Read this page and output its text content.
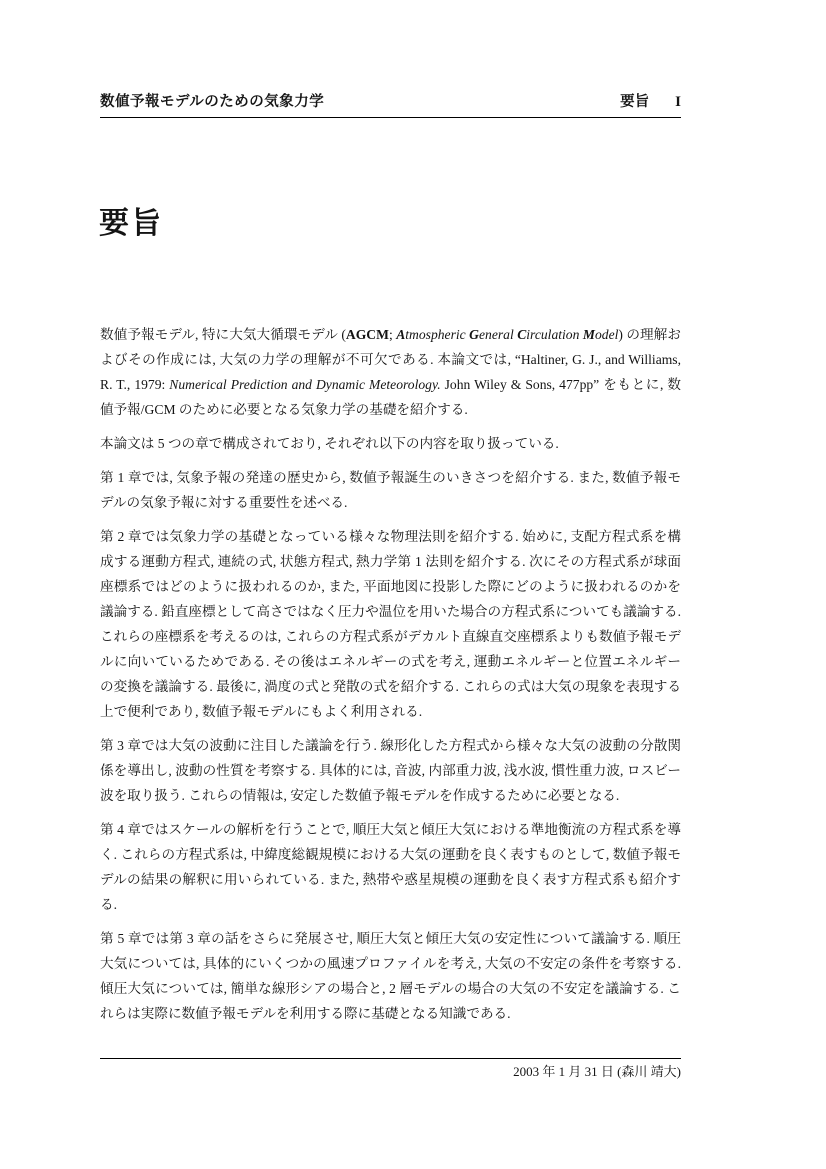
数値予報モデルのための気象力学	要旨 I
要旨

数値予報モデル, 特に大気大循環モデル (AGCM; Atmospheric General Circulation Model) の理解およびその作成には, 大気の力学の理解が不可欠である. 本論文では, “Haltiner, G. J., and Williams, R. T., 1979: Numerical Prediction and Dynamic Meteorology. John Wiley & Sons, 477pp” をもとに, 数値予報/GCM のために必要となる気象力学の基礎を紹介する.

本論文は 5 つの章で構成されており, それぞれ以下の内容を取り扱っている.

第 1 章では, 気象予報の発達の歴史から, 数値予報誕生のいきさつを紹介する. また, 数値予報モデルの気象予報に対する重要性を述べる.

第 2 章では気象力学の基礎となっている様々な物理法則を紹介する. 始めに, 支配方程式系を構成する運動方程式, 連続の式, 状態方程式, 熱力学第 1 法則を紹介する. 次にその方程式系が球面座標系ではどのように扱われるのか, また, 平面地図に投影した際にどのように扱われるのかを議論する. 鉛直座標として高さではなく圧力や温位を用いた場合の方程式系についても議論する. これらの座標系を考えるのは, これらの方程式系がデカルト直線直交座標系よりも数値予報モデルに向いているためである. その後はエネルギーの式を考え, 運動エネルギーと位置エネルギーの変換を議論する. 最後に, 渦度の式と発散の式を紹介する. これらの式は大気の現象を表現する上で便利であり, 数値予報モデルにもよく利用される.

第 3 章では大気の波動に注目した議論を行う. 線形化した方程式から様々な大気の波動の分散関係を導出し, 波動の性質を考察する. 具体的には, 音波, 内部重力波, 浅水波, 慣性重力波, ロスビー波を取り扱う. これらの情報は, 安定した数値予報モデルを作成するために必要となる.

第 4 章ではスケールの解析を行うことで, 順圧大気と傾圧大気における準地衡流の方程式系を導く. これらの方程式系は, 中緯度総観規模における大気の運動を良く表すものとして, 数値予報モデルの結果の解釈に用いられている. また, 熱帯や惑星規模の運動を良く表す方程式系も紹介する.

第 5 章では第 3 章の話をさらに発展させ, 順圧大気と傾圧大気の安定性について議論する. 順圧大気については, 具体的にいくつかの風速プロファイルを考え, 大気の不安定の条件を考察する. 傾圧大気については, 簡単な線形シアの場合と, 2 層モデルの場合の大気の不安定を議論する. これらは実際に数値予報モデルを利用する際に基礎となる知識である.

2003 年 1 月 31 日 (森川 靖大)
